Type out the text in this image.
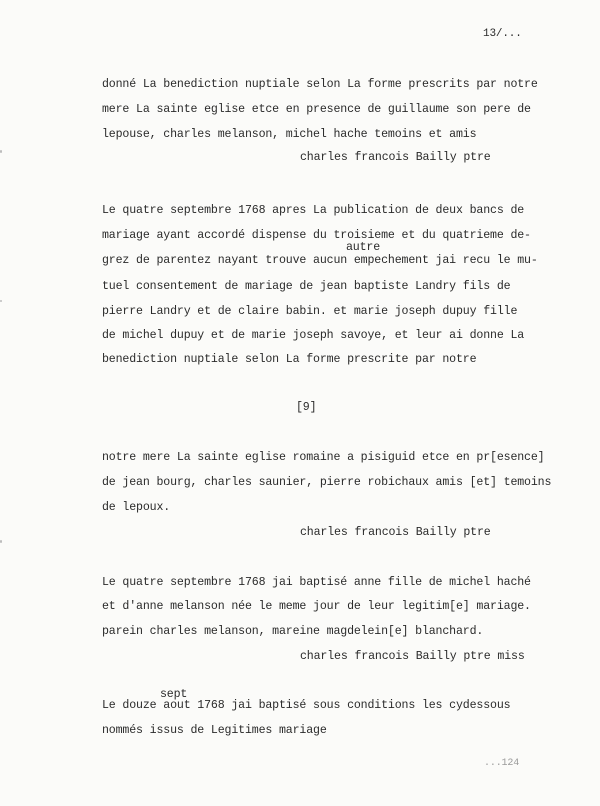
13/...
donné La benediction nuptiale selon La forme prescrits par notre
mere La sainte eglise etce en presence de guillaume son pere de
lepouse, charles melanson, michel hache temoins et amis
charles francois Bailly ptre
Le quatre septembre 1768 apres La publication de deux bancs de
mariage ayant accordé dispense du troisieme et du quatrieme de-
autre
grez de parentez nayant trouve aucun empechement jai recu le mu-
tuel consentement de mariage de jean baptiste Landry fils de
pierre Landry et de claire babin. et marie joseph dupuy fille
de michel dupuy et de marie joseph savoye, et leur ai donne La
benediction nuptiale selon La forme prescrite par notre
[9]
notre mere La sainte eglise romaine a pisiguid etce en pr[esence]
de jean bourg, charles saunier, pierre robichaux amis [et] temoins
de lepoux.
charles francois Bailly ptre
Le quatre septembre 1768 jai baptisé anne fille de michel haché
et d'anne melanson née le meme jour de leur legitim[e] mariage.
parein charles melanson, mareine magdelein[e] blanchard.
charles francois Bailly ptre miss
sept
Le douze aout 1768 jai baptisé sous conditions les cydessous
nommés issus de Legitimes mariage
...124
